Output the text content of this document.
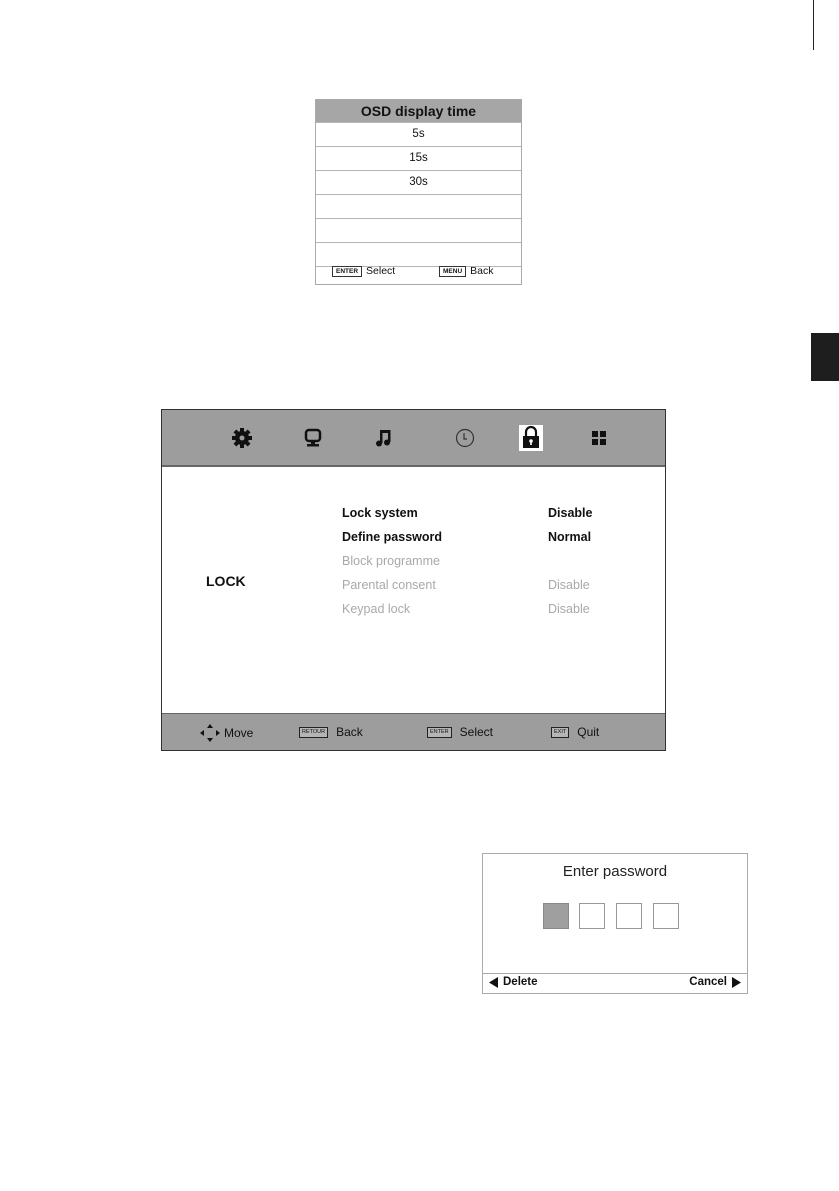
OSD display time
5s
15s
30s
ENTER Select	MENU Back
LOCK
Lock system	Disable
Define password	Normal
Block programme
Parental consent	Disable
Keypad lock	Disable
Move	RETOUR Back	ENTER Select	EXIT Quit
Enter password
Delete	Cancel
